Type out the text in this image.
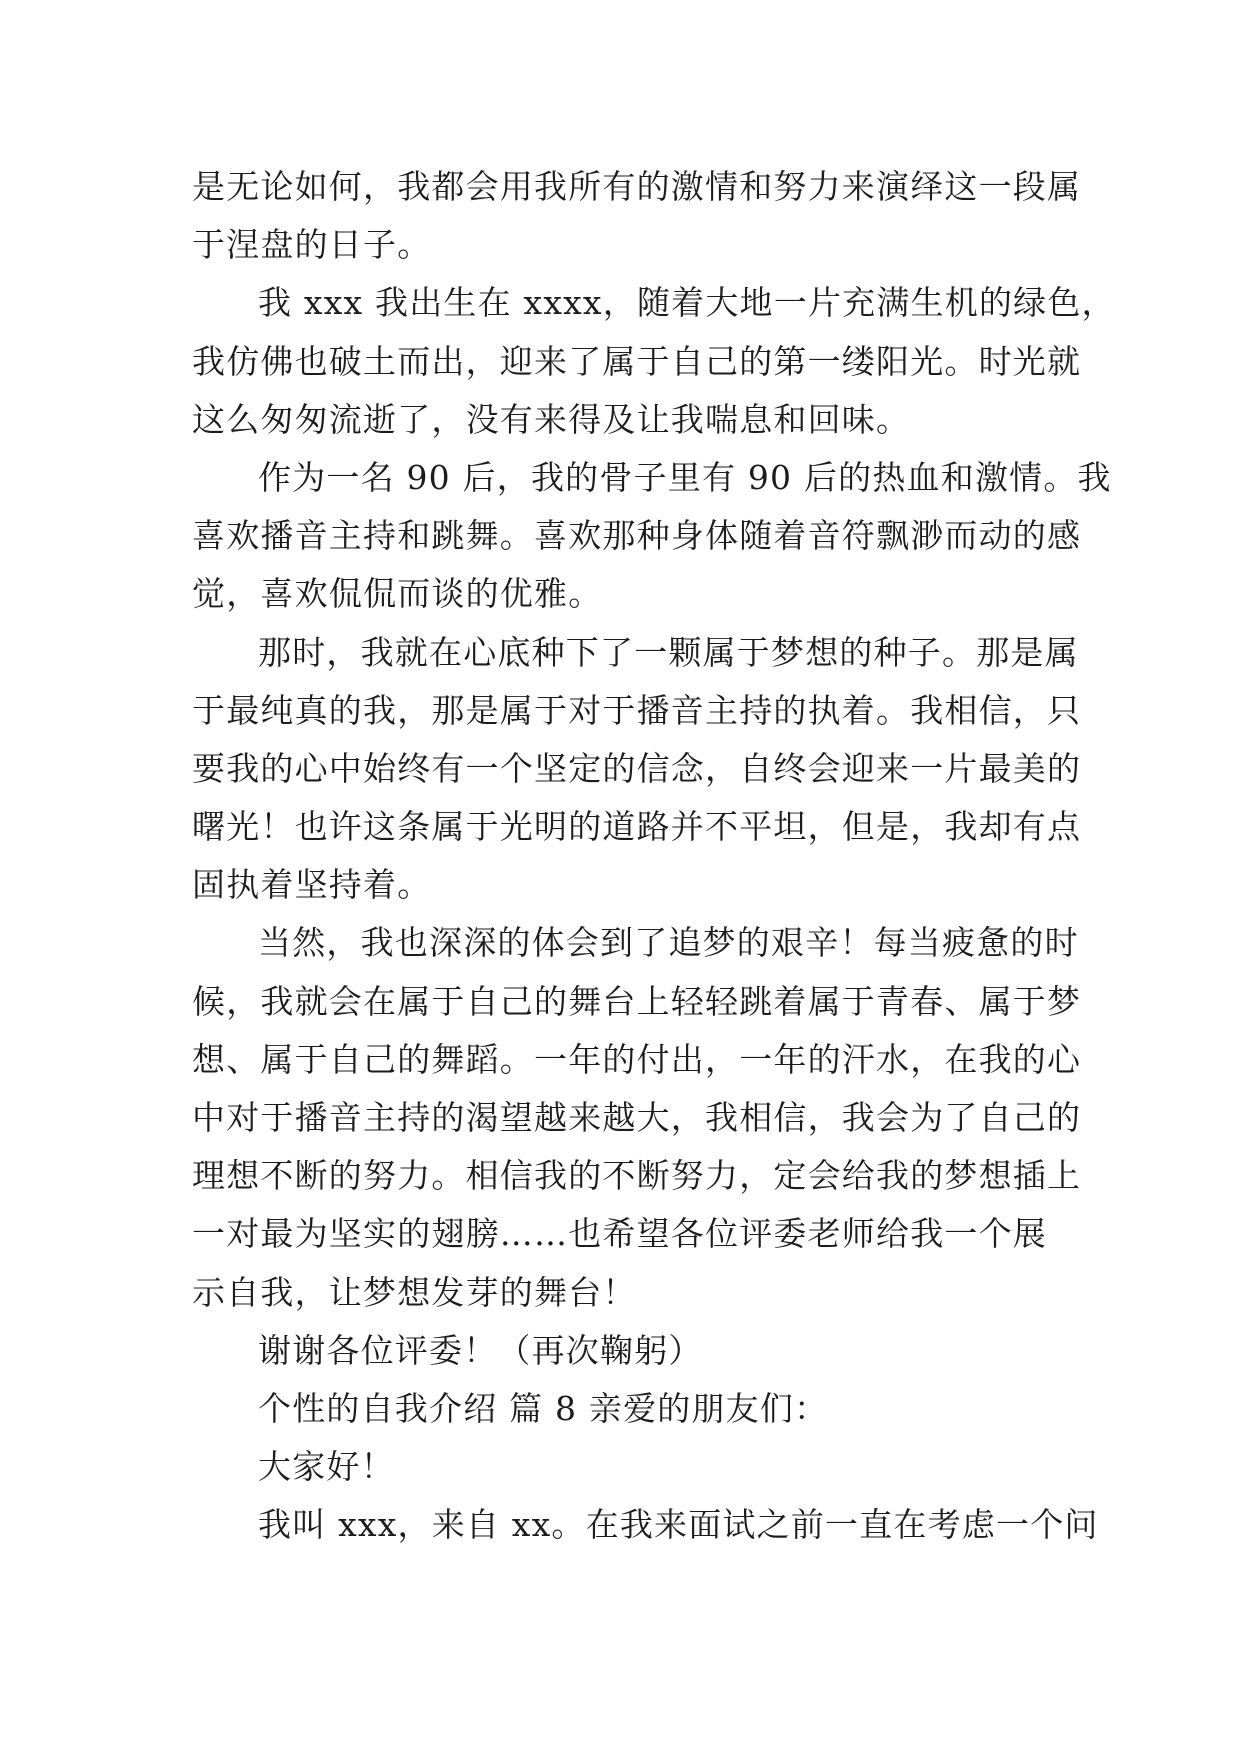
是无论如何，我都会用我所有的激情和努力来演绎这一段属
于涅盘的日子。
我 xxx 我出生在 xxxx，随着大地一片充满生机的绿色，
我仿佛也破土而出，迎来了属于自己的第一缕阳光。时光就
这么匆匆流逝了，没有来得及让我喘息和回味。
作为一名 90 后，我的骨子里有 90 后的热血和激情。我
喜欢播音主持和跳舞。喜欢那种身体随着音符飘渺而动的感
觉，喜欢侃侃而谈的优雅。
那时，我就在心底种下了一颗属于梦想的种子。那是属
于最纯真的我，那是属于对于播音主持的执着。我相信，只
要我的心中始终有一个坚定的信念，自终会迎来一片最美的
曙光！也许这条属于光明的道路并不平坦，但是，我却有点
固执着坚持着。
当然，我也深深的体会到了追梦的艰辛！每当疲惫的时
候，我就会在属于自己的舞台上轻轻跳着属于青春、属于梦
想、属于自己的舞蹈。一年的付出，一年的汗水，在我的心
中对于播音主持的渴望越来越大，我相信，我会为了自己的
理想不断的努力。相信我的不断努力，定会给我的梦想插上
一对最为坚实的翅膀……也希望各位评委老师给我一个展
示自我，让梦想发芽的舞台！
谢谢各位评委！（再次鞠躬）
个性的自我介绍 篇 8 亲爱的朋友们：
大家好！
我叫 xxx，来自 xx。在我来面试之前一直在考虑一个问
